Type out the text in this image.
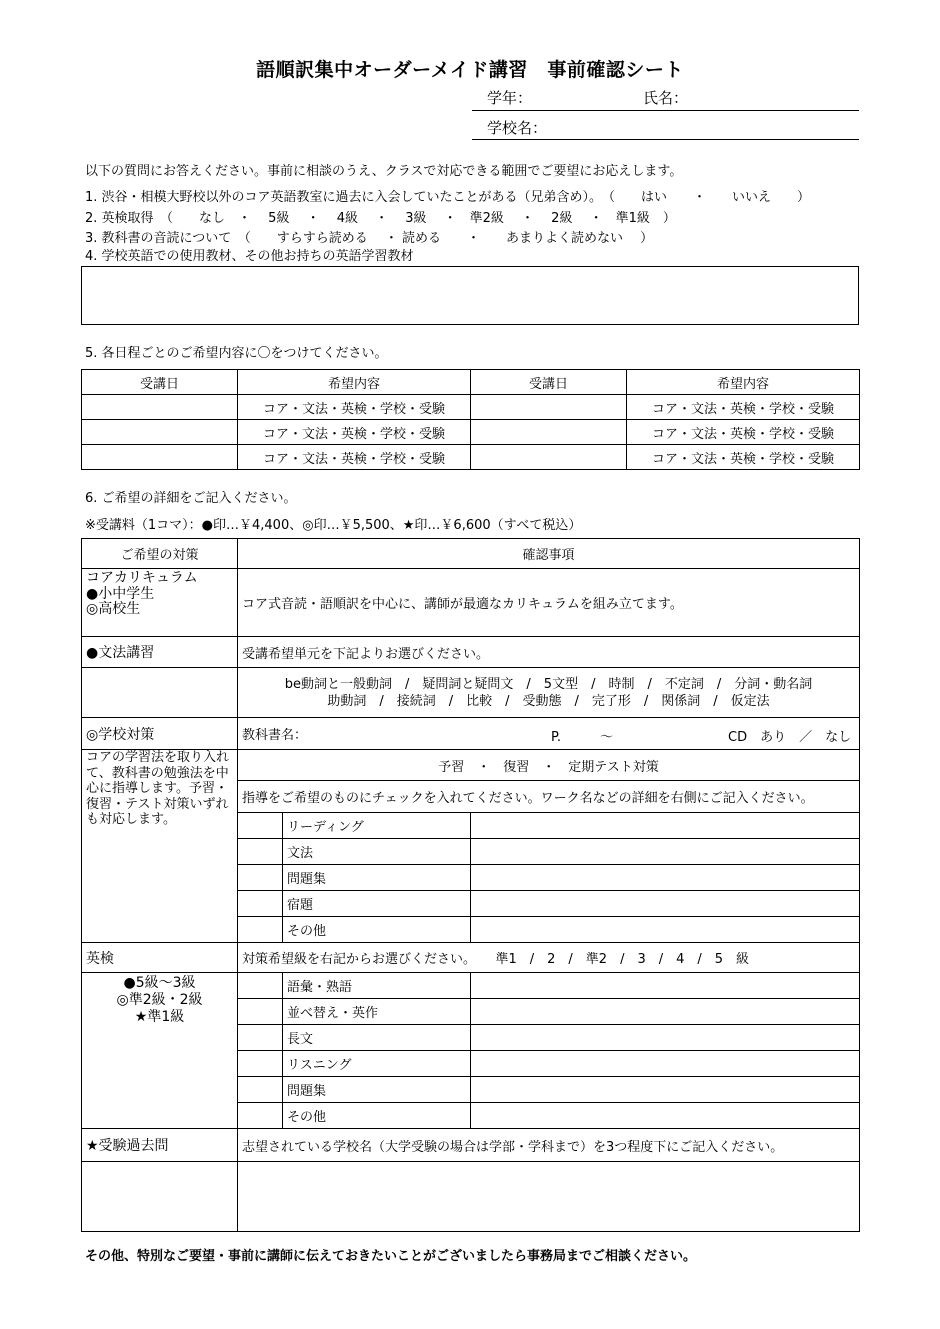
語順訳集中オーダーメイド講習　事前確認シート
学年：	氏名：
学校名：
以下の質問にお答えください。事前に相談のうえ、クラスで対応できる範囲でご要望にお応えします。
1. 渋谷・相模大野校以外のコア英語教室に過去に入会していたことがある（兄弟含め）。　（　　はい　　・　　いいえ　　）
2. 英検取得　（　　なし　・　 5級　 ・　 4級　 ・　 3級　 ・　準2級　 ・　 2級　 ・　準1級　）
3. 教科書の音読について　（　　すらすら読める　 ・ 読める　　・　　あまりよく読めない　 ）
4. 学校英語での使用教材、その他お持ちの英語学習教材
5. 各日程ごとのご希望内容に〇をつけてください。
受講日	希望内容	受講日	希望内容
	コア・文法・英検・学校・受験		コア・文法・英検・学校・受験
	コア・文法・英検・学校・受験		コア・文法・英検・学校・受験
	コア・文法・英検・学校・受験		コア・文法・英検・学校・受験
6. ご希望の詳細をご記入ください。
※受講料（1コマ）：●印…￥4,400、◎印…￥5,500、★印…￥6,600（すべて税込）
ご希望の対策	確認事項		

コアカリキュラム
●小中学生
◎高校生	コア式音読・語順訳を中心に、講師が最適なカリキュラムを組み立てます。		
●文法講習	受講希望単元を下記よりお選びください。		

	be動詞と一般動詞　/　疑問詞と疑問文　/　5文型　/　時制　/　不定詞　/　分詞・動名詞
助動詞　/　接続詞　/　比較　/　受動態　/　完了形　/　関係詞　/　仮定法		

◎学校対策	教科書名： P.　　　〜 CD　あり　／　なし		

コアの学習法を取り入れて、教科書の勉強法を中心に指導します。予習・復習・テスト対策いずれも対応します。	予習　・　復習　・　定期テスト対策		
	指導をご希望のものにチェックを入れてください。ワーク名などの詳細を右側にご記入ください。		
		リーディング	
		文法	
		問題集	
		宿題	
		その他	
英検	対策希望級を右記からお選びください。　　準1　/　2　/　準2　/　3　/　4　/　5　級		

●5級〜3級
◎準2級・2級
★準1級		語彙・熟語	
		並べ替え・英作	
		長文	
		リスニング	
		問題集	
		その他	
★受験過去問	志望されている学校名（大学受験の場合は学部・学科まで）を3つ程度下にご記入ください。		

その他、特別なご要望・事前に講師に伝えておきたいことがございましたら事務局までご相談ください。
